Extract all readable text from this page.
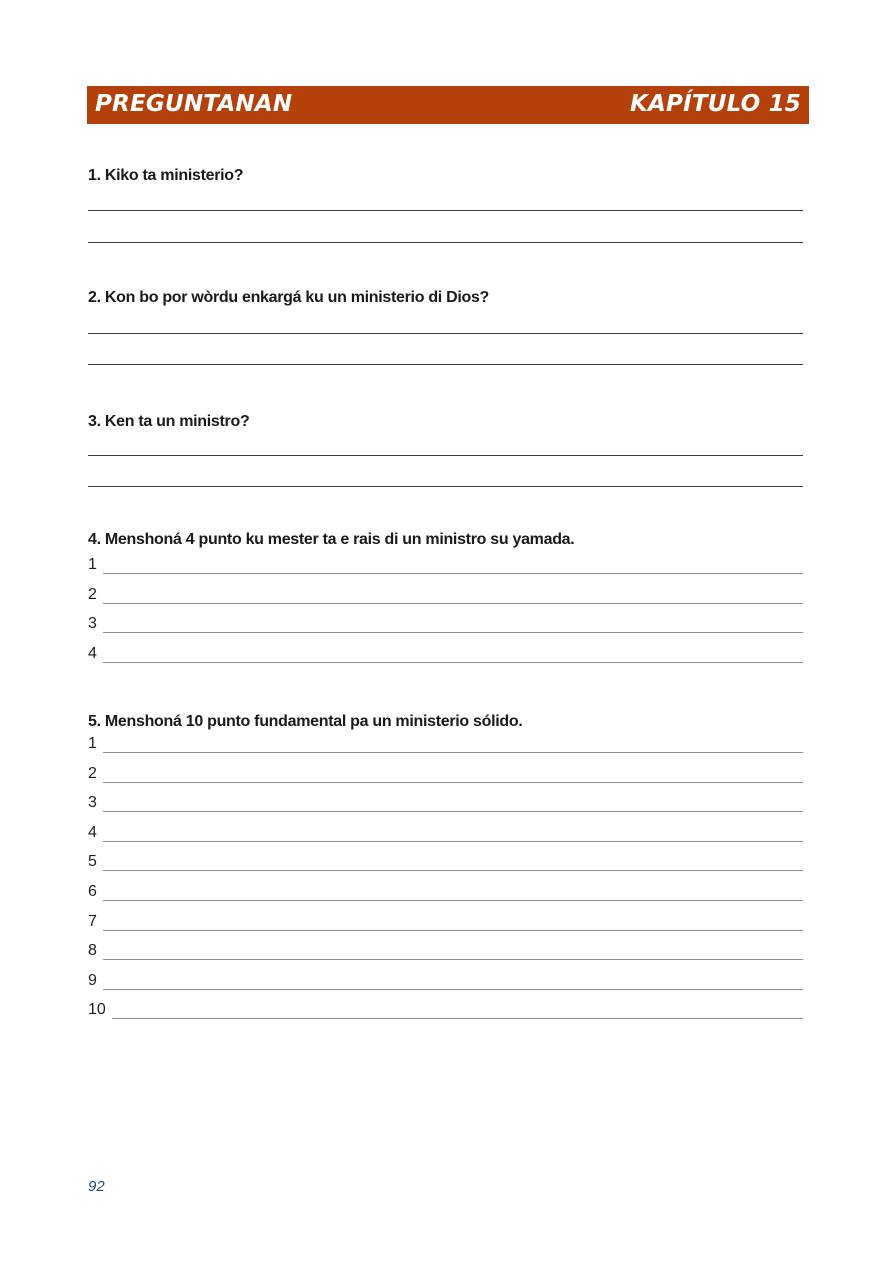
PREGUNTANAN	KAPÍTULO 15
1. Kiko ta ministerio?
2. Kon bo por wòrdu enkargá ku un ministerio di Dios?
3. Ken ta un ministro?
4. Menshoná 4 punto ku mester ta e rais di un ministro su yamada.
1
2
3
4
5. Menshoná 10 punto fundamental pa un ministerio sólido.
1
2
3
4
5
6
7
8
9
10
92
